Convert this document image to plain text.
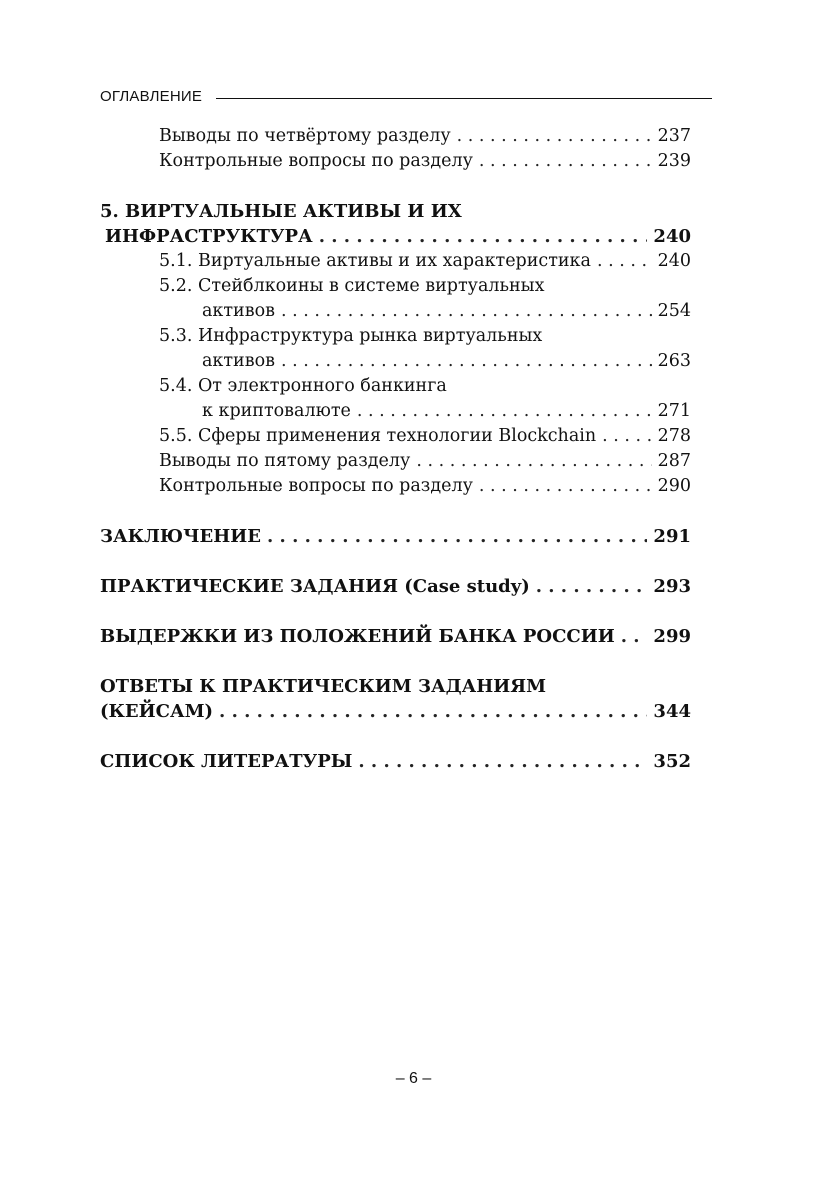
ОГЛАВЛЕНИЕ
Выводы по четвёртому разделу . . .	237
Контрольные вопросы по разделу . . .	239
5. ВИРТУАЛЬНЫЕ АКТИВЫ И ИХ
ИНФРАСТРУКТУРА . . .	240
5.1. Виртуальные активы и их характеристика . . .	240
5.2. Стейблкоины в системе виртуальных
активов . . .	254
5.3. Инфраструктура рынка виртуальных
активов . . .	263
5.4. От электронного банкинга
к криптовалюте . . .	271
5.5. Сферы применения технологии Blockchain . . .	278
Выводы по пятому разделу . . .	287
Контрольные вопросы по разделу . . .	290
ЗАКЛЮЧЕНИЕ . . .	291
ПРАКТИЧЕСКИЕ ЗАДАНИЯ (Case study) . . .	293
ВЫДЕРЖКИ ИЗ ПОЛОЖЕНИЙ БАНКА РОССИИ . . . 299
ОТВЕТЫ К ПРАКТИЧЕСКИМ ЗАДАНИЯМ
(КЕЙСАМ) . . .	344
СПИСОК ЛИТЕРАТУРЫ . . .	352
– 6 –
